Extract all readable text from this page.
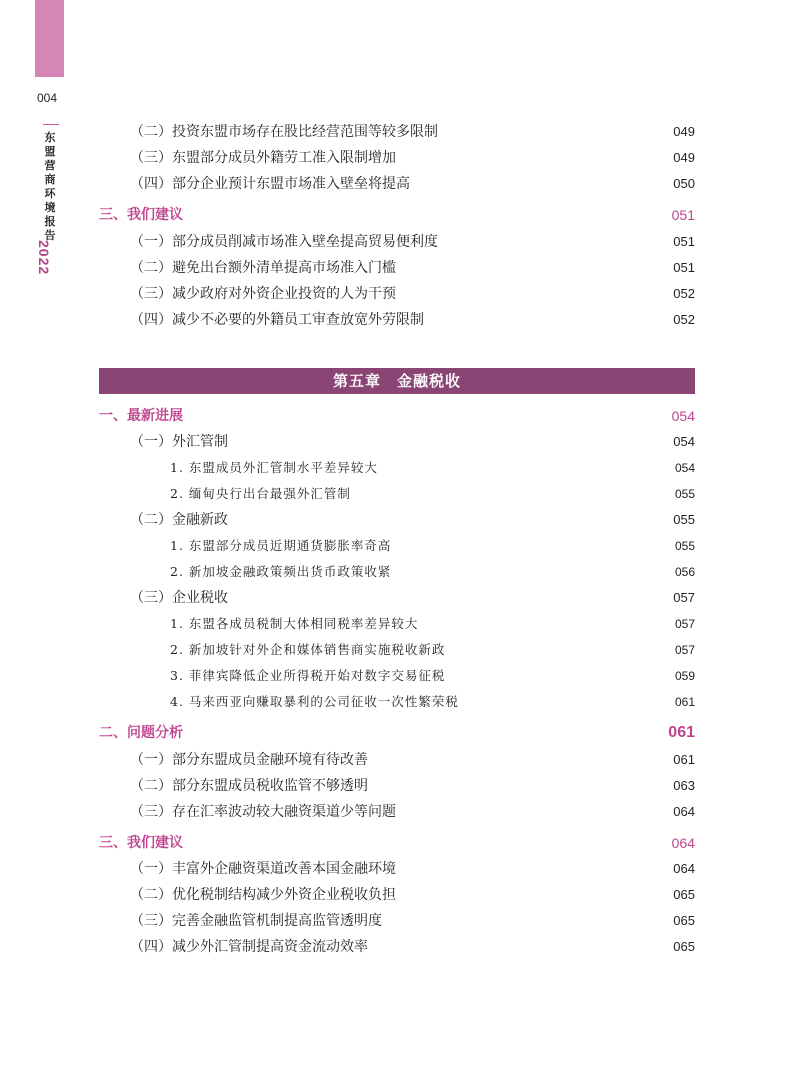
004
东盟营商环境报告
2022
（二）投资东盟市场存在股比经营范围等较多限制	049
（三）东盟部分成员外籍劳工准入限制增加	049
（四）部分企业预计东盟市场准入壁垒将提高	050
三、我们建议	051
（一）部分成员削减市场准入壁垒提高贸易便利度	051
（二）避免出台额外清单提高市场准入门槛	051
（三）减少政府对外资企业投资的人为干预	052
（四）减少不必要的外籍员工审查放宽外劳限制	052
第五章　金融税收
一、最新进展	054
（一）外汇管制	054
1. 东盟成员外汇管制水平差异较大	054
2. 缅甸央行出台最强外汇管制	055
（二）金融新政	055
1. 东盟部分成员近期通货膨胀率奇高	055
2. 新加坡金融政策频出货币政策收紧	056
（三）企业税收	057
1. 东盟各成员税制大体相同税率差异较大	057
2. 新加坡针对外企和媒体销售商实施税收新政	057
3. 菲律宾降低企业所得税开始对数字交易征税	059
4. 马来西亚向赚取暴利的公司征收一次性繁荣税	061
二、问题分析	061
（一）部分东盟成员金融环境有待改善	061
（二）部分东盟成员税收监管不够透明	063
（三）存在汇率波动较大融资渠道少等问题	064
三、我们建议	064
（一）丰富外企融资渠道改善本国金融环境	064
（二）优化税制结构减少外资企业税收负担	065
（三）完善金融监管机制提高监管透明度	065
（四）减少外汇管制提高资金流动效率	065
